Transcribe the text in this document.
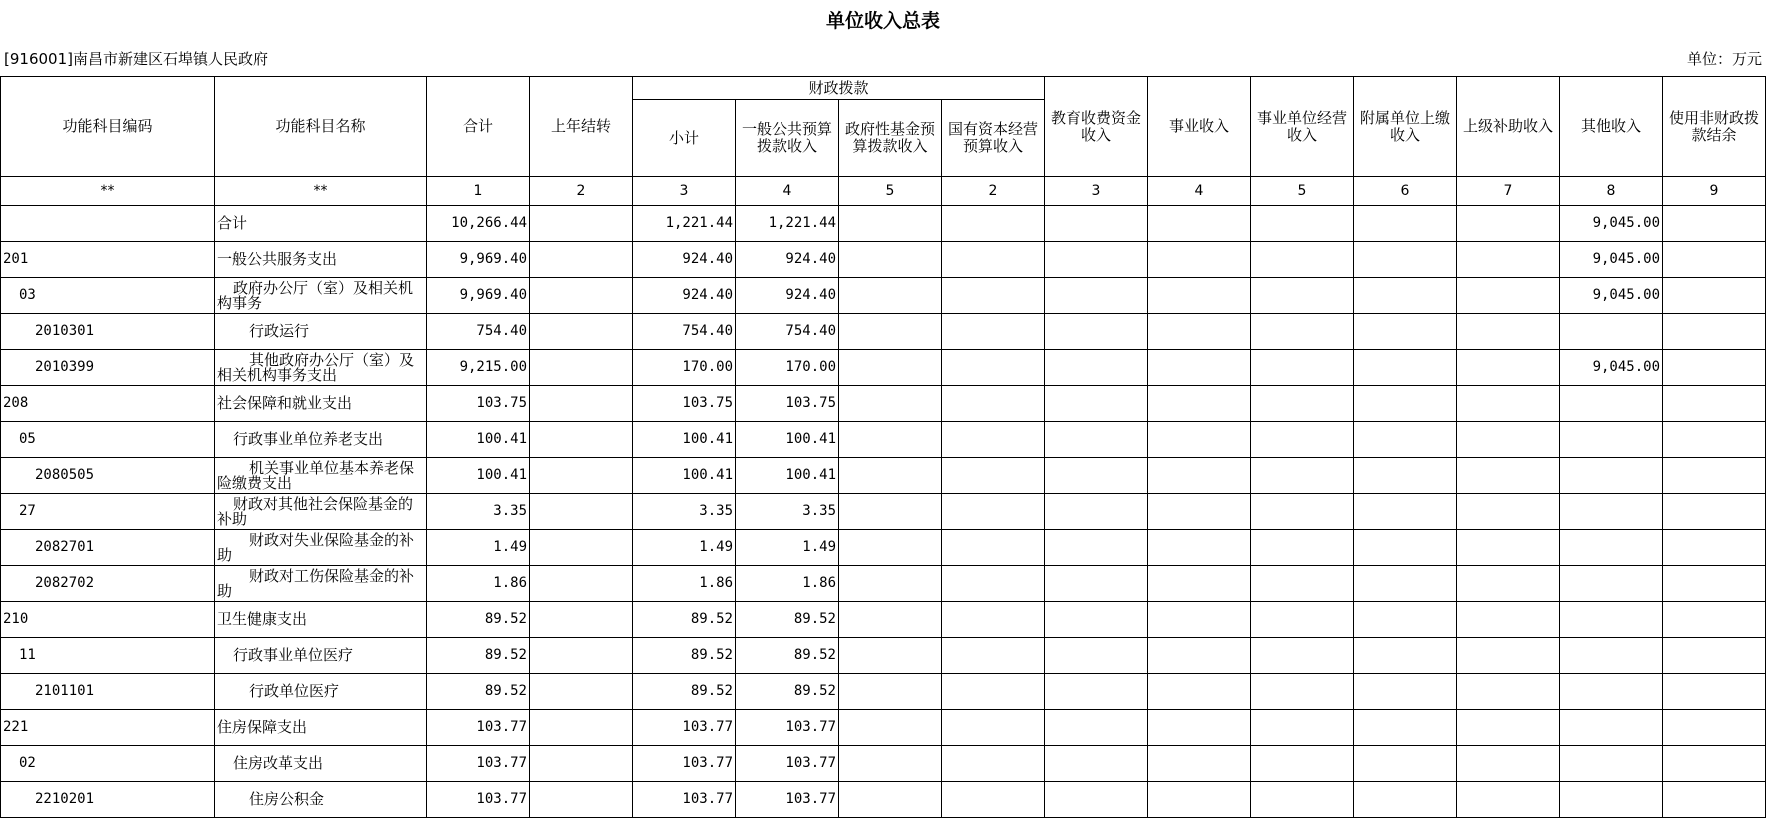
单位收入总表
[916001]南昌市新建区石埠镇人民政府	单位：万元
功能科目编码	功能科目名称	合计	上年结转	财政拨款				教育收费资金收入	事业收入	事业单位经营收入	附属单位上缴收入	上级补助收入	其他收入	使用非财政拨款结余
				小计	一般公共预算拨款收入	政府性基金预算拨款收入	国有资本经营预算收入							
**	**	1	2	3	4	5	2	3	4	5	6	7	8	9
	合计	10,266.44		1,221.44	1,221.44								9,045.00	
201	一般公共服务支出	9,969.40		924.40	924.40								9,045.00	
03	政府办公厅（室）及相关机构事务	9,969.40		924.40	924.40								9,045.00	
2010301	行政运行	754.40		754.40	754.40									
2010399	其他政府办公厅（室）及相关机构事务支出	9,215.00		170.00	170.00								9,045.00	
208	社会保障和就业支出	103.75		103.75	103.75									
05	行政事业单位养老支出	100.41		100.41	100.41									
2080505	机关事业单位基本养老保险缴费支出	100.41		100.41	100.41									
27	财政对其他社会保险基金的补助	3.35		3.35	3.35									
2082701	财政对失业保险基金的补助	1.49		1.49	1.49									
2082702	财政对工伤保险基金的补助	1.86		1.86	1.86									
210	卫生健康支出	89.52		89.52	89.52									
11	行政事业单位医疗	89.52		89.52	89.52									
2101101	行政单位医疗	89.52		89.52	89.52									
221	住房保障支出	103.77		103.77	103.77									
02	住房改革支出	103.77		103.77	103.77									
2210201	住房公积金	103.77		103.77	103.77									
